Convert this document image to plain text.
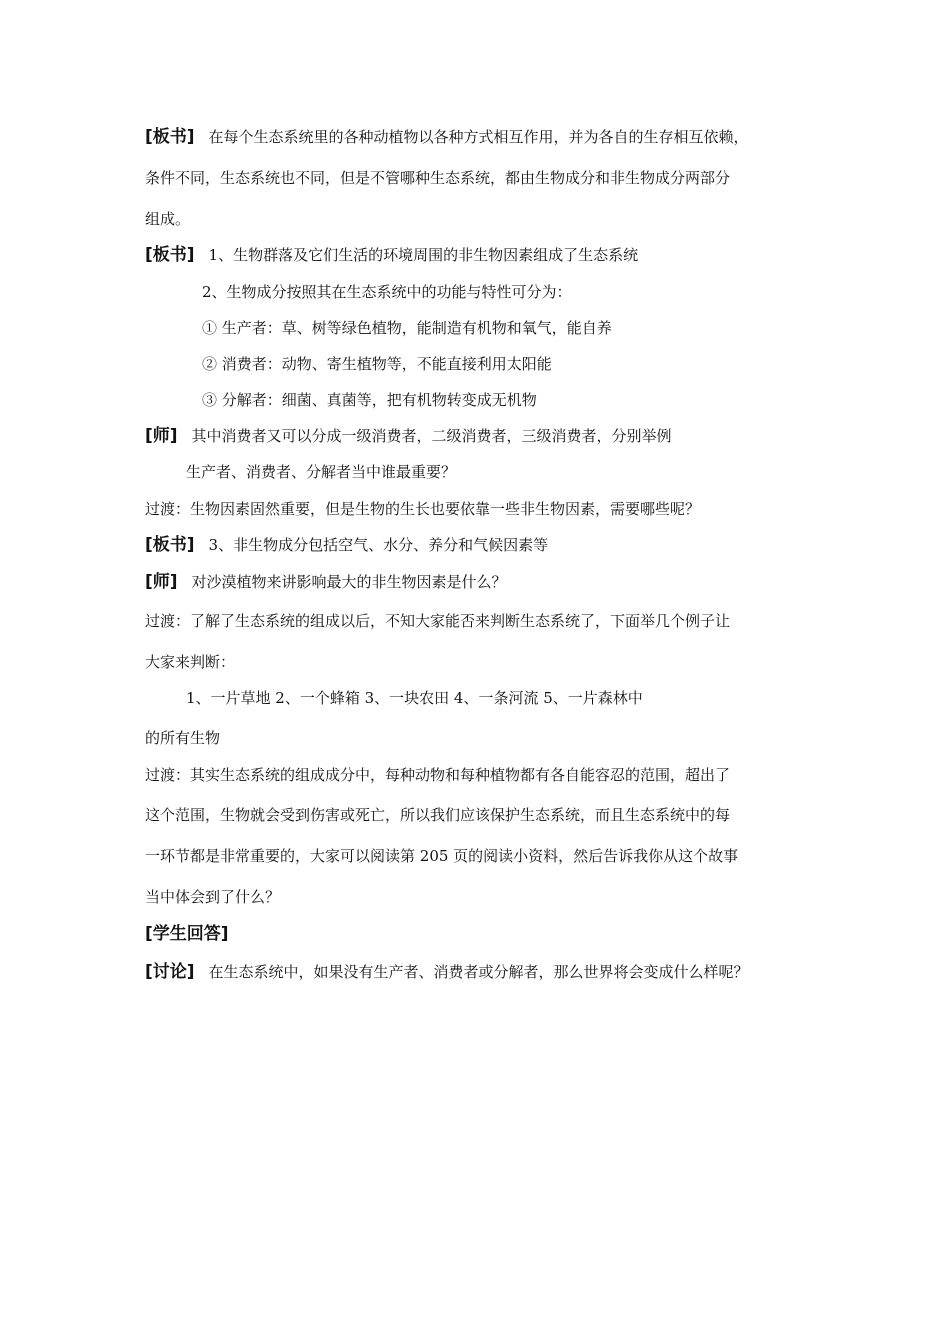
[板书] 在每个生态系统里的各种动植物以各种方式相互作用，并为各自的生存相互依赖，
条件不同，生态系统也不同，但是不管哪种生态系统，都由生物成分和非生物成分两部分
组成。
[板书] 1、生物群落及它们生活的环境周围的非生物因素组成了生态系统
2、生物成分按照其在生态系统中的功能与特性可分为：
① 生产者：草、树等绿色植物，能制造有机物和氧气，能自养
② 消费者：动物、寄生植物等，不能直接利用太阳能
③ 分解者：细菌、真菌等，把有机物转变成无机物
[师] 其中消费者又可以分成一级消费者，二级消费者，三级消费者，分别举例
生产者、消费者、分解者当中谁最重要？
过渡：生物因素固然重要，但是生物的生长也要依靠一些非生物因素，需要哪些呢？
[板书] 3、非生物成分包括空气、水分、养分和气候因素等
[师] 对沙漠植物来讲影响最大的非生物因素是什么？
过渡：了解了生态系统的组成以后，不知大家能否来判断生态系统了，下面举几个例子让
大家来判断：
1、一片草地 2、一个蜂箱 3、一块农田 4、一条河流 5、一片森林中
的所有生物
过渡：其实生态系统的组成成分中，每种动物和每种植物都有各自能容忍的范围，超出了
这个范围，生物就会受到伤害或死亡，所以我们应该保护生态系统，而且生态系统中的每
一环节都是非常重要的，大家可以阅读第 205 页的阅读小资料，然后告诉我你从这个故事
当中体会到了什么？
[学生回答]
[讨论] 在生态系统中，如果没有生产者、消费者或分解者，那么世界将会变成什么样呢？
